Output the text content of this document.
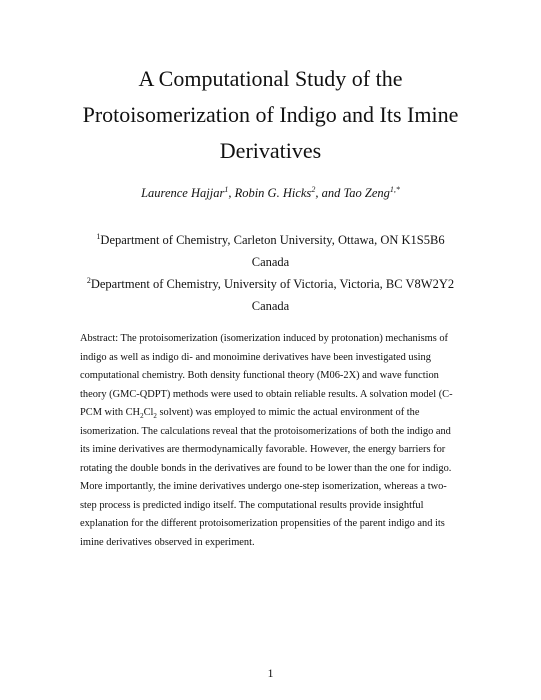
A Computational Study of the
Protoisomerization of Indigo and Its Imine
Derivatives
Laurence Hajjar$^1$, Robin G. Hicks$^2$, and Tao Zeng$^{1,*}$
$^1$Department of Chemistry, Carleton University, Ottawa, ON K1S5B6
Canada
$^2$Department of Chemistry, University of Victoria, Victoria, BC V8W2Y2
Canada

Abstract: The protoisomerization (isomerization induced by protonation) mechanisms of
indigo as well as indigo di- and monoimine derivatives have been investigated using
computational chemistry. Both density functional theory (M06-2X) and wave function
theory (GMC-QDPT) methods were used to obtain reliable results. A solvation model (C-
PCM with $CH_2Cl_2$ solvent) was employed to mimic the actual environment of the
isomerization. The calculations reveal that the protoisomerizations of both the indigo and
its imine derivatives are thermodynamically favorable. However, the energy barriers for
rotating the double bonds in the derivatives are found to be lower than the one for indigo.
More importantly, the imine derivatives undergo one-step isomerization, whereas a two-
step process is predicted indigo itself. The computational results provide insightful
explanation for the different protoisomerization propensities of the parent indigo and its
imine derivatives observed in experiment.

1
